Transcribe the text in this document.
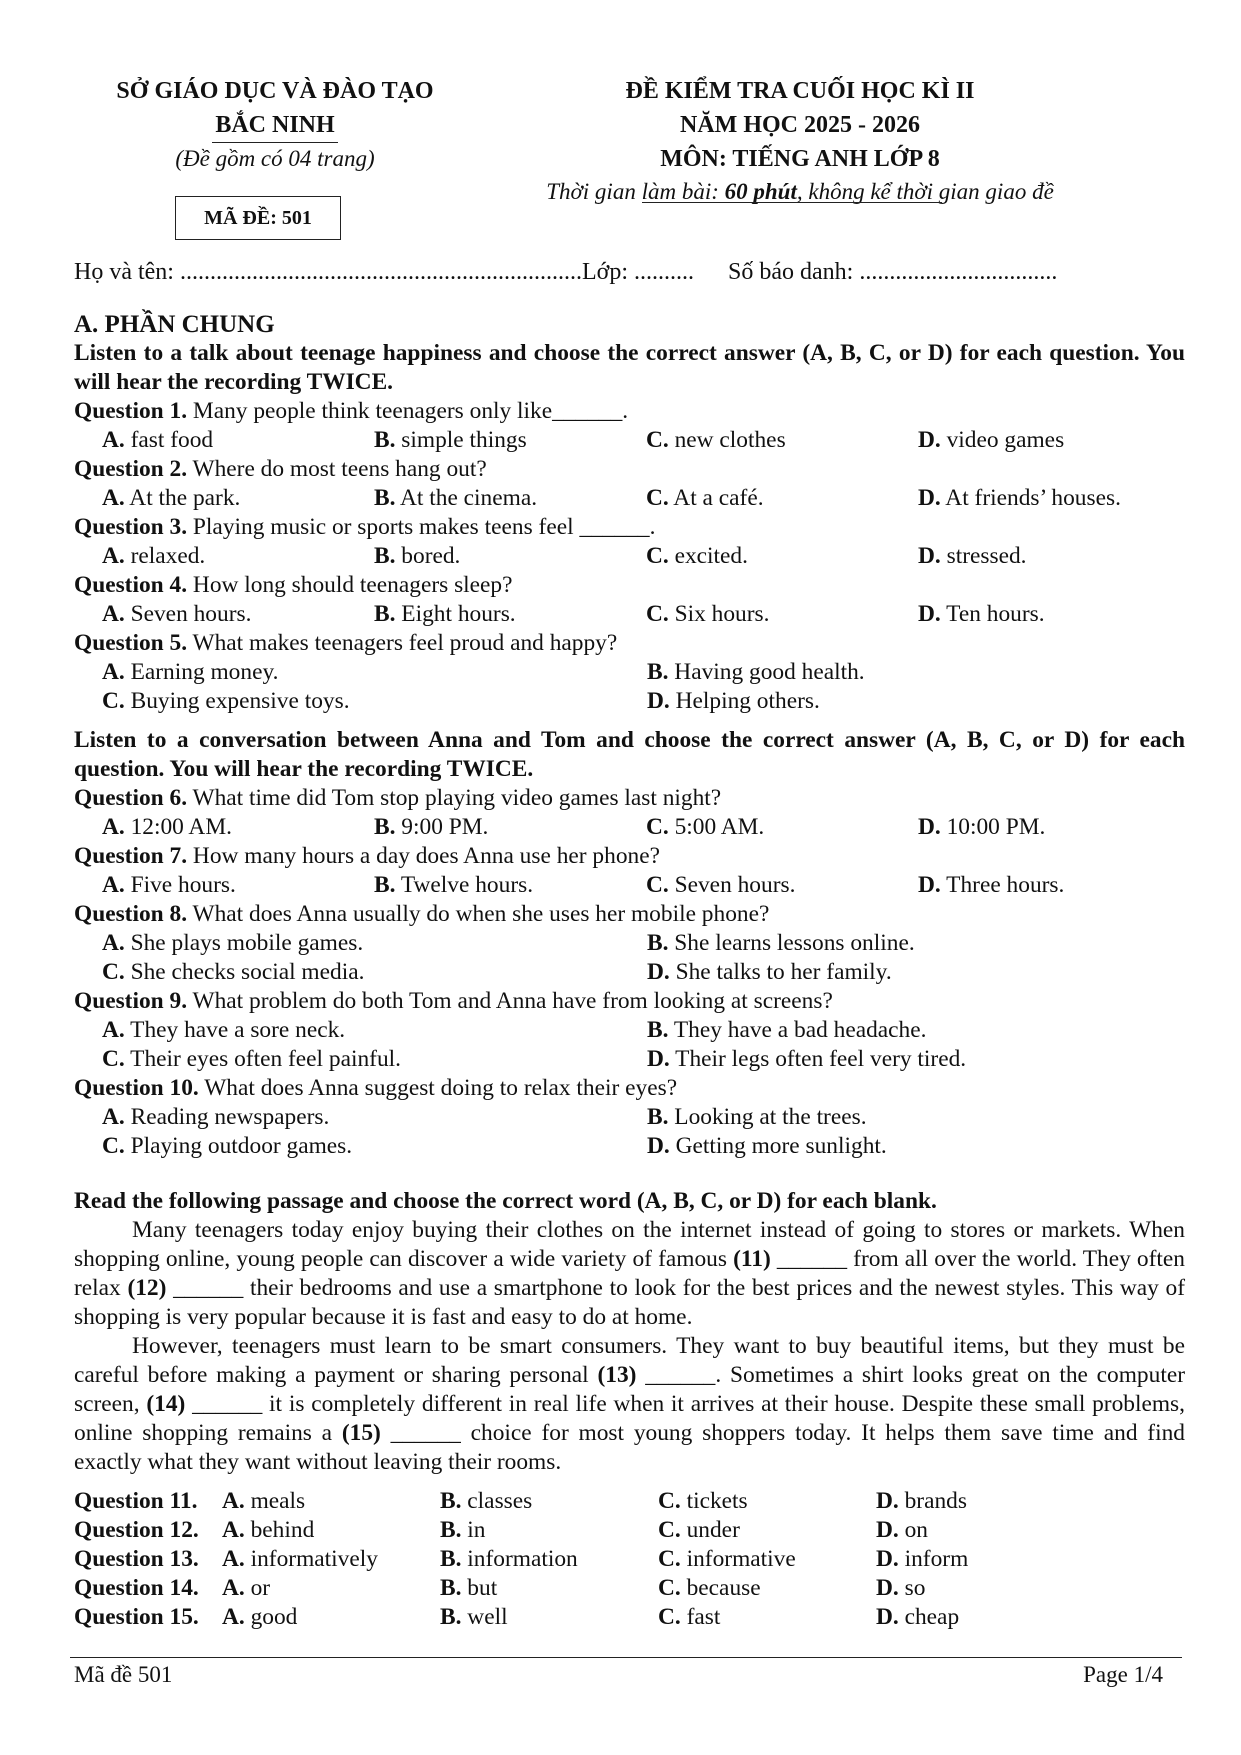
SỞ GIÁO DỤC VÀ ĐÀO TẠO
BẮC NINH
(Đề gồm có 04 trang)
MÃ ĐỀ: 501
ĐỀ KIỂM TRA CUỐI HỌC KÌ II
NĂM HỌC 2025 - 2026
MÔN: TIẾNG ANH LỚP 8
Thời gian làm bài: 60 phút, không kể thời gian giao đề
Họ và tên: ...................................................................Lớp: .......... Số báo danh: .................................
A. PHẦN CHUNG
Listen to a talk about teenage happiness and choose the correct answer (A, B, C, or D) for each question. You will hear the recording TWICE.
Question 1. Many people think teenagers only like______.
A. fast food	B. simple things	C. new clothes	D. video games
Question 2. Where do most teens hang out?
A. At the park.	B. At the cinema.	C. At a café.	D. At friends’ houses.
Question 3. Playing music or sports makes teens feel ______.
A. relaxed.	B. bored.	C. excited.	D. stressed.
Question 4. How long should teenagers sleep?
A. Seven hours.	B. Eight hours.	C. Six hours.	D. Ten hours.
Question 5. What makes teenagers feel proud and happy?
A. Earning money.	B. Having good health.
C. Buying expensive toys.	D. Helping others.
Listen to a conversation between Anna and Tom and choose the correct answer (A, B, C, or D) for each question. You will hear the recording TWICE.
Question 6. What time did Tom stop playing video games last night?
A. 12:00 AM.	B. 9:00 PM.	C. 5:00 AM.	D. 10:00 PM.
Question 7. How many hours a day does Anna use her phone?
A. Five hours.	B. Twelve hours.	C. Seven hours.	D. Three hours.
Question 8. What does Anna usually do when she uses her mobile phone?
A. She plays mobile games.	B. She learns lessons online.
C. She checks social media.	D. She talks to her family.
Question 9. What problem do both Tom and Anna have from looking at screens?
A. They have a sore neck.	B. They have a bad headache.
C. Their eyes often feel painful.	D. Their legs often feel very tired.
Question 10. What does Anna suggest doing to relax their eyes?
A. Reading newspapers.	B. Looking at the trees.
C. Playing outdoor games.	D. Getting more sunlight.
Read the following passage and choose the correct word (A, B, C, or D) for each blank.
Many teenagers today enjoy buying their clothes on the internet instead of going to stores or markets. When shopping online, young people can discover a wide variety of famous (11) ______ from all over the world. They often relax (12) ______ their bedrooms and use a smartphone to look for the best prices and the newest styles. This way of shopping is very popular because it is fast and easy to do at home.
However, teenagers must learn to be smart consumers. They want to buy beautiful items, but they must be careful before making a payment or sharing personal (13) ______. Sometimes a shirt looks great on the computer screen, (14) ______ it is completely different in real life when it arrives at their house. Despite these small problems, online shopping remains a (15) ______ choice for most young shoppers today. It helps them save time and find exactly what they want without leaving their rooms.
Question 11.	A. meals	B. classes	C. tickets	D. brands
Question 12. A. behind	B. in	C. under	D. on
Question 13. A. informatively	B. information	C. informative	D. inform
Question 14. A. or	B. but	C. because	D. so
Question 15. A. good	B. well	C. fast	D. cheap
Mã đề 501	Page 1/4
